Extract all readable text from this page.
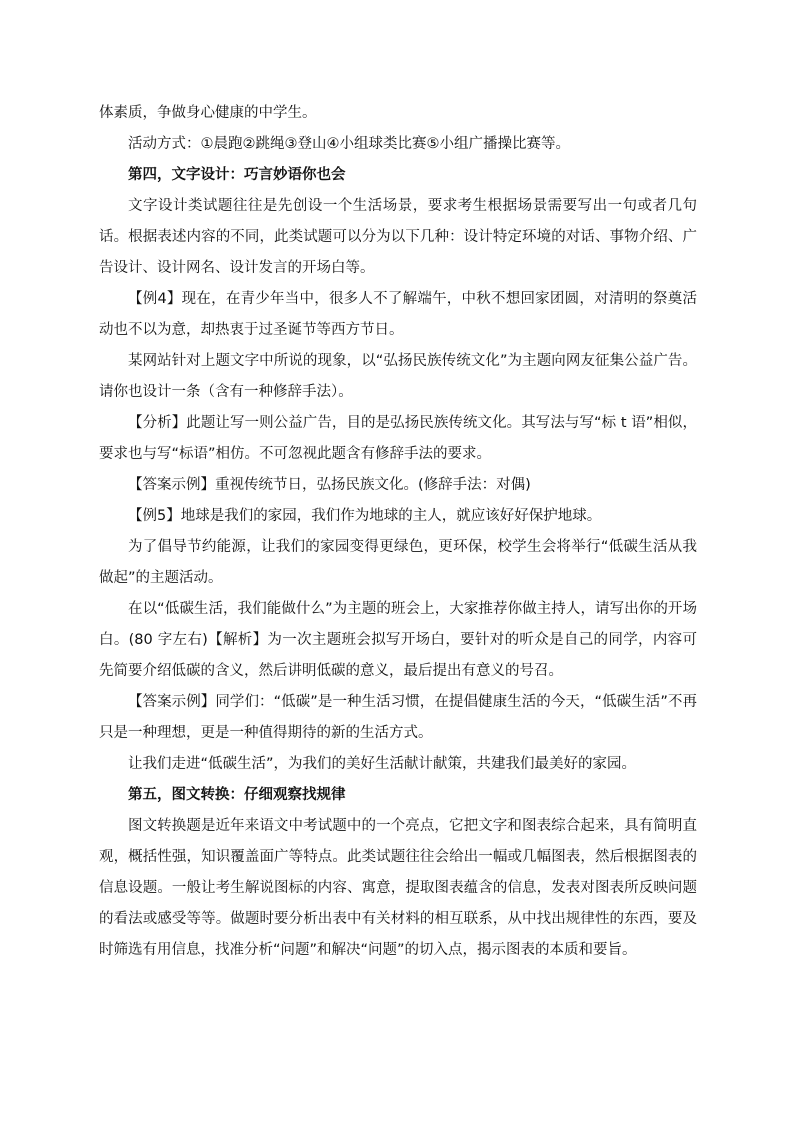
体素质，争做身心健康的中学生。

活动方式：①晨跑②跳绳③登山④小组球类比赛⑤小组广播操比赛等。

第四，文字设计：巧言妙语你也会

文字设计类试题往往是先创设一个生活场景，要求考生根据场景需要写出一句或者几句话。根据表述内容的不同，此类试题可以分为以下几种：设计特定环境的对话、事物介绍、广告设计、设计网名、设计发言的开场白等。

【例4】现在，在青少年当中，很多人不了解端午，中秋不想回家团圆，对清明的祭奠活动也不以为意，却热衷于过圣诞节等西方节日。

某网站针对上题文字中所说的现象，以“弘扬民族传统文化”为主题向网友征集公益广告。请你也设计一条（含有一种修辞手法）。

【分析】此题让写一则公益广告，目的是弘扬民族传统文化。其写法与写“标 t 语”相似，要求也与写“标语”相仿。不可忽视此题含有修辞手法的要求。

【答案示例】重视传统节日，弘扬民族文化。(修辞手法：对偶)

【例5】地球是我们的家园，我们作为地球的主人，就应该好好保护地球。

为了倡导节约能源，让我们的家园变得更绿色，更环保，校学生会将举行“低碳生活从我做起”的主题活动。

在以“低碳生活，我们能做什么”为主题的班会上，大家推荐你做主持人，请写出你的开场白。(80 字左右)【解析】为一次主题班会拟写开场白，要针对的听众是自己的同学，内容可先简要介绍低碳的含义，然后讲明低碳的意义，最后提出有意义的号召。

【答案示例】同学们：“低碳”是一种生活习惯，在提倡健康生活的今天，“低碳生活”不再只是一种理想，更是一种值得期待的新的生活方式。

让我们走进“低碳生活”，为我们的美好生活献计献策，共建我们最美好的家园。

第五，图文转换：仔细观察找规律

图文转换题是近年来语文中考试题中的一个亮点，它把文字和图表综合起来，具有简明直观，概括性强，知识覆盖面广等特点。此类试题往往会给出一幅或几幅图表，然后根据图表的信息设题。一般让考生解说图标的内容、寓意，提取图表蕴含的信息，发表对图表所反映问题的看法或感受等等。做题时要分析出表中有关材料的相互联系，从中找出规律性的东西，要及时筛选有用信息，找准分析“问题”和解决“问题”的切入点，揭示图表的本质和要旨。
